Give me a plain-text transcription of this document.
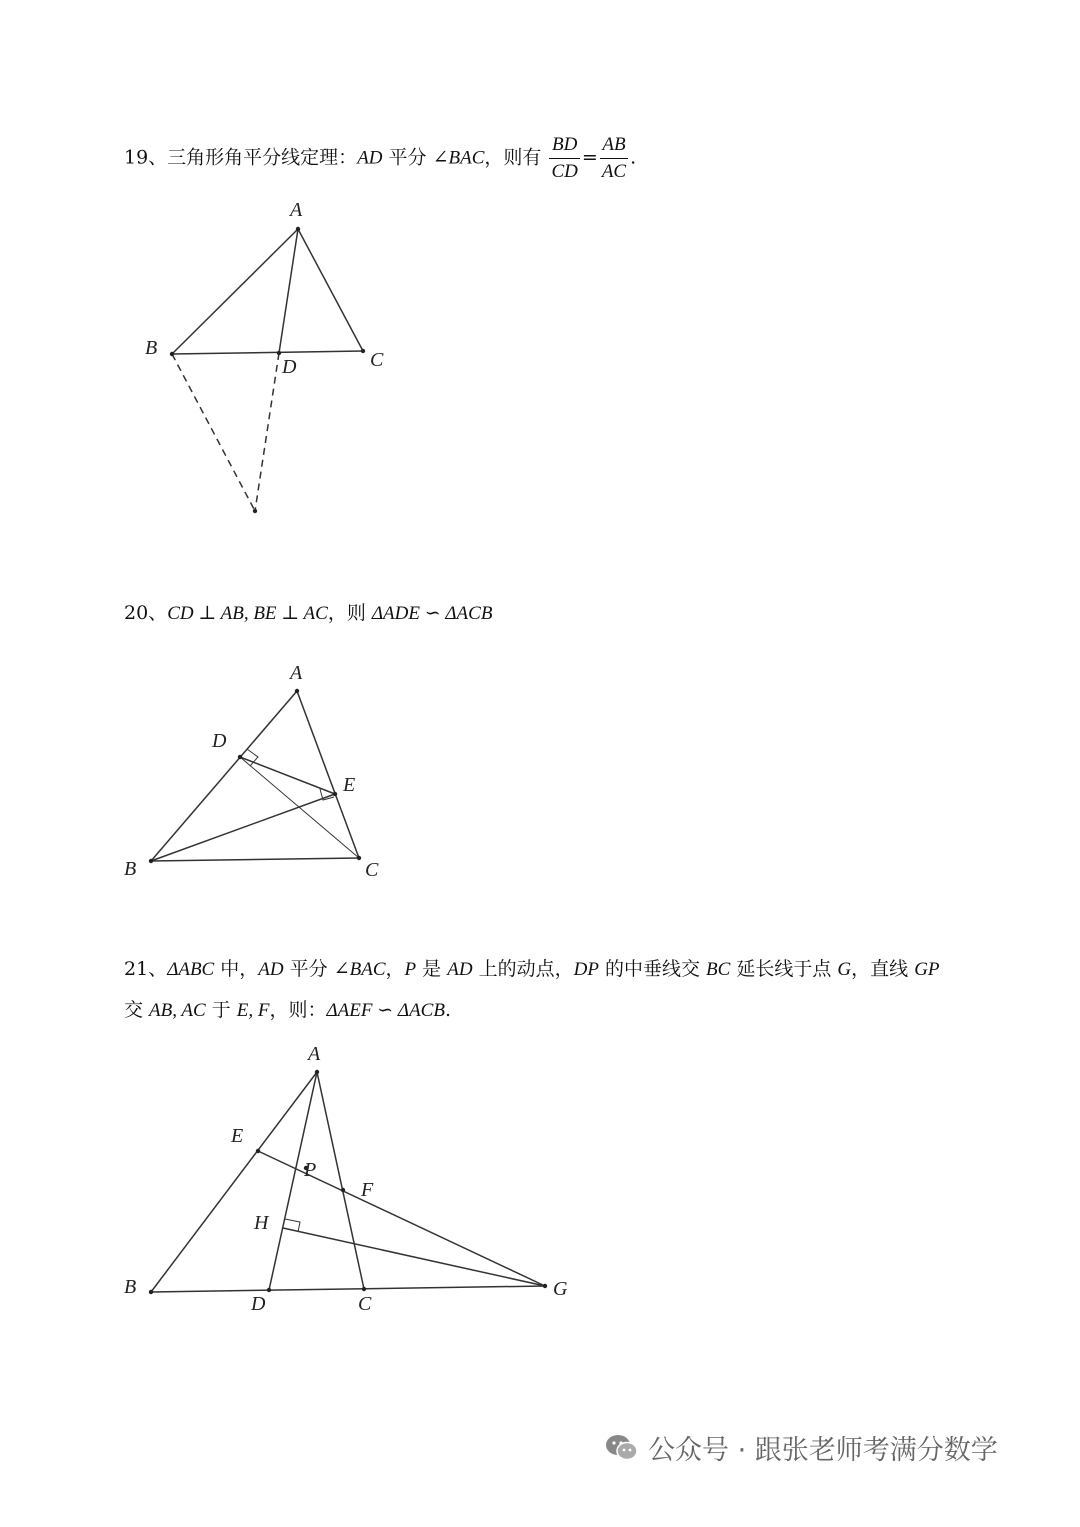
19、三角形角平分线定理：AD 平分 ∠BAC，则有 $\frac{BD}{CD} = \frac{AB}{AC}$ .
20、CD ⊥ AB, BE ⊥ AC，则 ΔADE ∽ ΔACB
21、ΔABC 中，AD 平分 ∠BAC，P 是 AD 上的动点，DP 的中垂线交 BC 延长线于点 G，直线 GP
交 AB, AC 于 E, F，则：ΔAEF ∽ ΔACB.
A
B
C
D
A
B	C
D
E
A
B
C
D
E
F
G
H
P
公众号 · 跟张老师考满分数学
